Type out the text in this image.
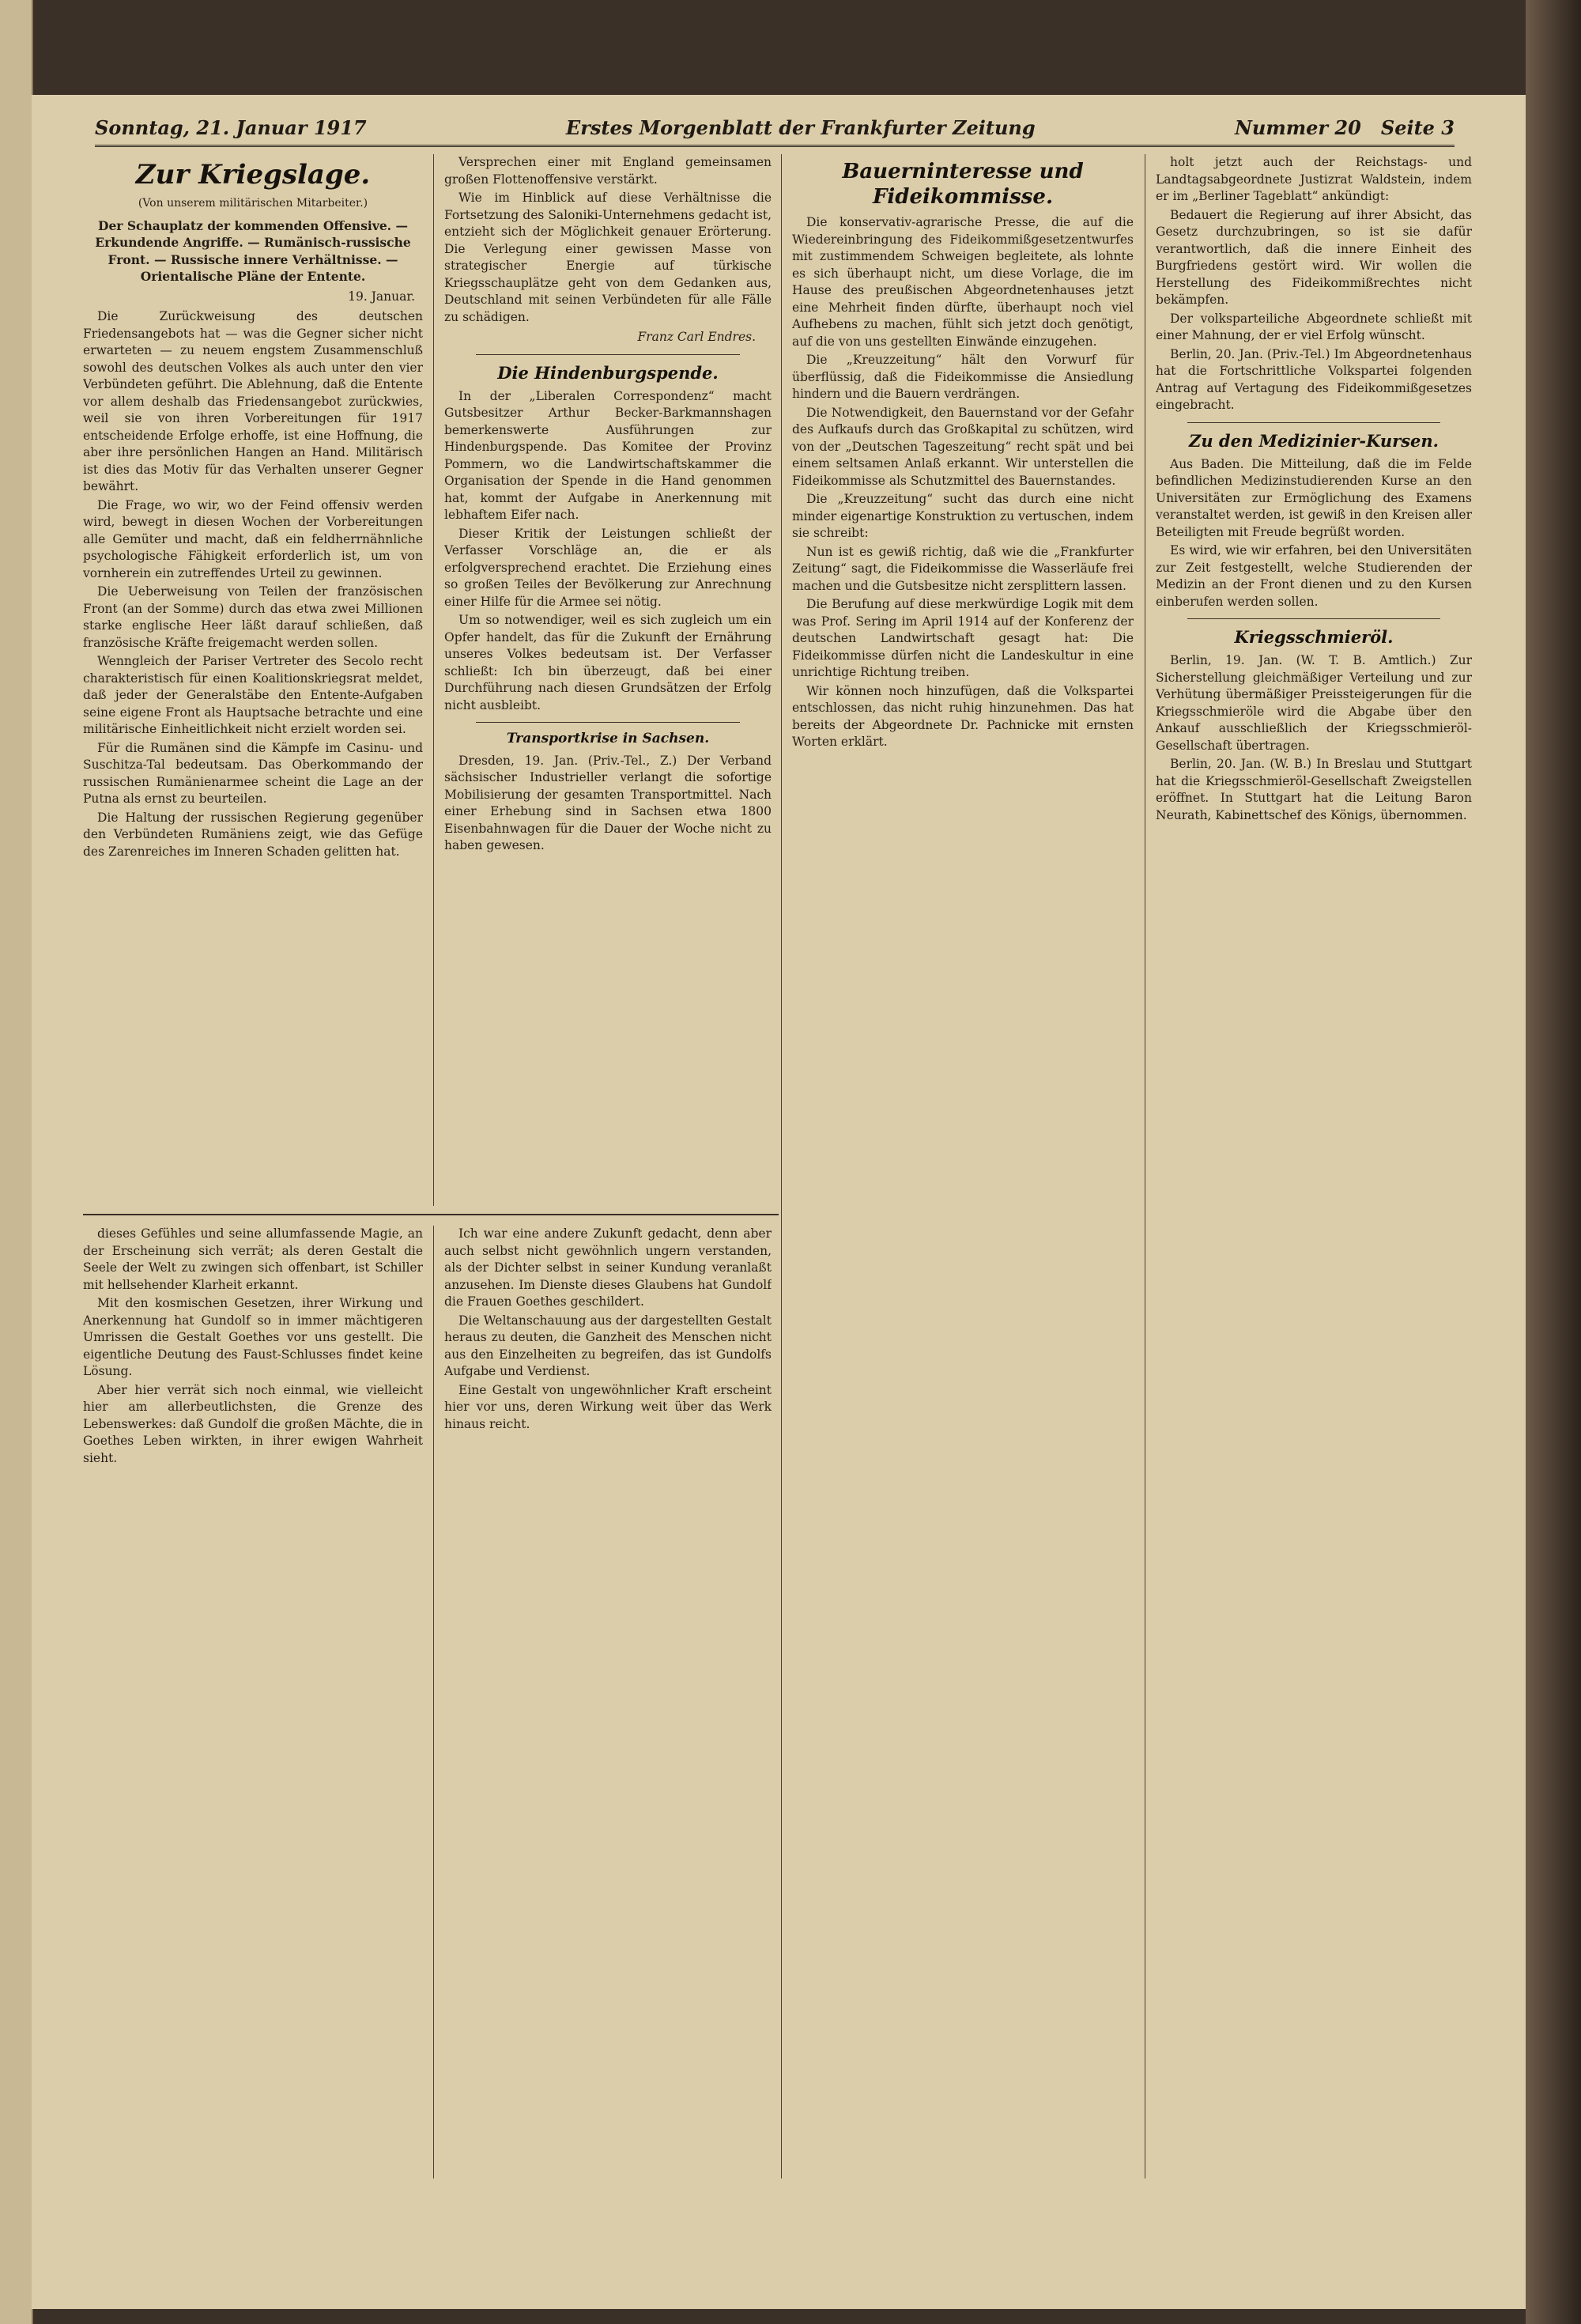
Sonntag, 21. Januar 1917	Erstes Morgenblatt der Frankfurter Zeitung	Nummer 20 Seite 3
Zur Kriegslage.
(Von unserem militärischen Mitarbeiter.)

Der Schauplatz der kommenden Offensive. — Erkundende Angriffe. — Rumänisch-russische Front. — Russische innere Verhältnisse. — Orientalische Pläne der Entente.

19. Januar.

Die Zurückweisung des deutschen Friedensangebots hat — was die Gegner sicher nicht erwarteten — zu neuem engstem Zusammenschluß sowohl des deutschen Volkes als auch unter den vier Verbündeten geführt. Die Ablehnung, daß die Entente vor allem deshalb das Friedensangebot zurückwies, weil sie von ihren Vorbereitungen für 1917 entscheidende Erfolge erhoffe, ist eine Hoffnung, die aber ihre persönlichen Hangen an Hand. Militärisch ist dies das Motiv für das Verhalten unserer Gegner bewährt.

Die Frage, wo wir, wo der Feind offensiv werden wird, bewegt in diesen Wochen der Vorbereitungen alle Gemüter und macht, daß ein feldherrnähnliche psychologische Fähigkeit erforderlich ist, um von vornherein ein zutreffendes Urteil zu gewinnen.

Die Ueberweisung von Teilen der französischen Front (an der Somme) durch das etwa zwei Millionen starke englische Heer läßt darauf schließen, daß französische Kräfte freigemacht werden sollen.

Wenngleich der Pariser Vertreter des Secolo recht charakteristisch für einen Koalitionskriegsrat meldet, daß jeder der Generalstäbe den Entente-Aufgaben seine eigene Front als Hauptsache betrachte und eine militärische Einheitlichkeit nicht erzielt worden sei.

Für die Rumänen sind die Kämpfe im Casinu- und Suschitza-Tal bedeutsam. Das Oberkommando der russischen Rumänienarmee scheint die Lage an der Putna als ernst zu beurteilen.

Die Haltung der russischen Regierung gegenüber den Verbündeten Rumäniens zeigt, wie das Gefüge des Zarenreiches im Inneren Schaden gelitten hat.

Versprechen einer mit England gemeinsamen großen Flottenoffensive verstärkt.

Wie im Hinblick auf diese Verhältnisse die Fortsetzung des Saloniki-Unternehmens gedacht ist, entzieht sich der Möglichkeit genauer Erörterung. Die Verlegung einer gewissen Masse von strategischer Energie auf türkische Kriegsschauplätze geht von dem Gedanken aus, Deutschland mit seinen Verbündeten für alle Fälle zu schädigen.

Franz Carl Endres.
Die Hindenburgspende.

In der „Liberalen Correspondenz“ macht Gutsbesitzer Arthur Becker-Barkmannshagen bemerkenswerte Ausführungen zur Hindenburgspende. Das Komitee der Provinz Pommern, wo die Landwirtschaftskammer die Organisation der Spende in die Hand genommen hat, kommt der Aufgabe in Anerkennung mit lebhaftem Eifer nach.

Dieser Kritik der Leistungen schließt der Verfasser Vorschläge an, die er als erfolgversprechend erachtet. Die Erziehung eines so großen Teiles der Bevölkerung zur Anrechnung einer Hilfe für die Armee sei nötig.

Um so notwendiger, weil es sich zugleich um ein Opfer handelt, das für die Zukunft der Ernährung unseres Volkes bedeutsam ist. Der Verfasser schließt: Ich bin überzeugt, daß bei einer Durchführung nach diesen Grundsätzen der Erfolg nicht ausbleibt.

Transportkrise in Sachsen.

Dresden, 19. Jan. (Priv.-Tel., Z.) Der Verband sächsischer Industrieller verlangt die sofortige Mobilisierung der gesamten Transportmittel. Nach einer Erhebung sind in Sachsen etwa 1800 Eisenbahnwagen für die Dauer der Woche nicht zu haben gewesen.

Bauerninteresse und Fideikommisse.

Die konservativ-agrarische Presse, die auf die Wiedereinbringung des Fideikommißgesetzentwurfes mit zustimmendem Schweigen begleitete, als lohnte es sich überhaupt nicht, um diese Vorlage, die im Hause des preußischen Abgeordnetenhauses jetzt eine Mehrheit finden dürfte, überhaupt noch viel Aufhebens zu machen, fühlt sich jetzt doch genötigt, auf die von uns gestellten Einwände einzugehen.

Die „Kreuzzeitung“ hält den Vorwurf für überflüssig, daß die Fideikommisse die Ansiedlung hindern und die Bauern verdrängen.

Die Notwendigkeit, den Bauernstand vor der Gefahr des Aufkaufs durch das Großkapital zu schützen, wird von der „Deutschen Tageszeitung“ recht spät und bei einem seltsamen Anlaß erkannt. Wir unterstellen die Fideikommisse als Schutzmittel des Bauernstandes.

Die „Kreuzzeitung“ sucht das durch eine nicht minder eigenartige Konstruktion zu vertuschen, indem sie schreibt:

Nun ist es gewiß richtig, daß wie die „Frankfurter Zeitung“ sagt, die Fideikommisse die Wasserläufe frei machen und die Gutsbesitze nicht zersplittern lassen.

Die Berufung auf diese merkwürdige Logik mit dem was Prof. Sering im April 1914 auf der Konferenz der deutschen Landwirtschaft gesagt hat: Die Fideikommisse dürfen nicht die Landeskultur in eine unrichtige Richtung treiben.

Wir können noch hinzufügen, daß die Volkspartei entschlossen, das nicht ruhig hinzunehmen. Das hat bereits der Abgeordnete Dr. Pachnicke mit ernsten Worten erklärt.

holt jetzt auch der Reichstags- und Landtagsabgeordnete Justizrat Waldstein, indem er im „Berliner Tageblatt“ ankündigt:

Bedauert die Regierung auf ihrer Absicht, das Gesetz durchzubringen, so ist sie dafür verantwortlich, daß die innere Einheit des Burgfriedens gestört wird. Wir wollen die Herstellung des Fideikommißrechtes nicht bekämpfen.

Der volksparteiliche Abgeordnete schließt mit einer Mahnung, der er viel Erfolg wünscht.

Berlin, 20. Jan. (Priv.-Tel.) Im Abgeordnetenhaus hat die Fortschrittliche Volkspartei folgenden Antrag auf Vertagung des Fideikommißgesetzes eingebracht.

Zu den Medizinier-Kursen.

Aus Baden. Die Mitteilung, daß die im Felde befindlichen Medizinstudierenden Kurse an den Universitäten zur Ermöglichung des Examens veranstaltet werden, ist gewiß in den Kreisen aller Beteiligten mit Freude begrüßt worden.

Es wird, wie wir erfahren, bei den Universitäten zur Zeit festgestellt, welche Studierenden der Medizin an der Front dienen und zu den Kursen einberufen werden sollen.

Kriegsschmieröl.

Berlin, 19. Jan. (W. T. B. Amtlich.) Zur Sicherstellung gleichmäßiger Verteilung und zur Verhütung übermäßiger Preissteigerungen für die Kriegsschmieröle wird die Abgabe über den Ankauf ausschließlich der Kriegsschmieröl-Gesellschaft übertragen.

Berlin, 20. Jan. (W. B.) In Breslau und Stuttgart hat die Kriegsschmieröl-Gesellschaft Zweigstellen eröffnet. In Stuttgart hat die Leitung Baron Neurath, Kabinettschef des Königs, übernommen.

dieses Gefühles und seine allumfassende Magie, an der Erscheinung sich verrät; als deren Gestalt die Seele der Welt zu zwingen sich offenbart, ist Schiller mit hellsehender Klarheit erkannt.

Mit den kosmischen Gesetzen, ihrer Wirkung und Anerkennung hat Gundolf so in immer mächtigeren Umrissen die Gestalt Goethes vor uns gestellt. Die eigentliche Deutung des Faust-Schlusses findet keine Lösung.

Aber hier verrät sich noch einmal, wie vielleicht hier am allerbeutlichsten, die Grenze des Lebenswerkes: daß Gundolf die großen Mächte, die in Goethes Leben wirkten, in ihrer ewigen Wahrheit sieht.

Ich war eine andere Zukunft gedacht, denn aber auch selbst nicht gewöhnlich ungern verstanden, als der Dichter selbst in seiner Kundung veranlaßt anzusehen. Im Dienste dieses Glaubens hat Gundolf die Frauen Goethes geschildert.

Die Weltanschauung aus der dargestellten Gestalt heraus zu deuten, die Ganzheit des Menschen nicht aus den Einzelheiten zu begreifen, das ist Gundolfs Aufgabe und Verdienst.

Eine Gestalt von ungewöhnlicher Kraft erscheint hier vor uns, deren Wirkung weit über das Werk hinaus reicht.
